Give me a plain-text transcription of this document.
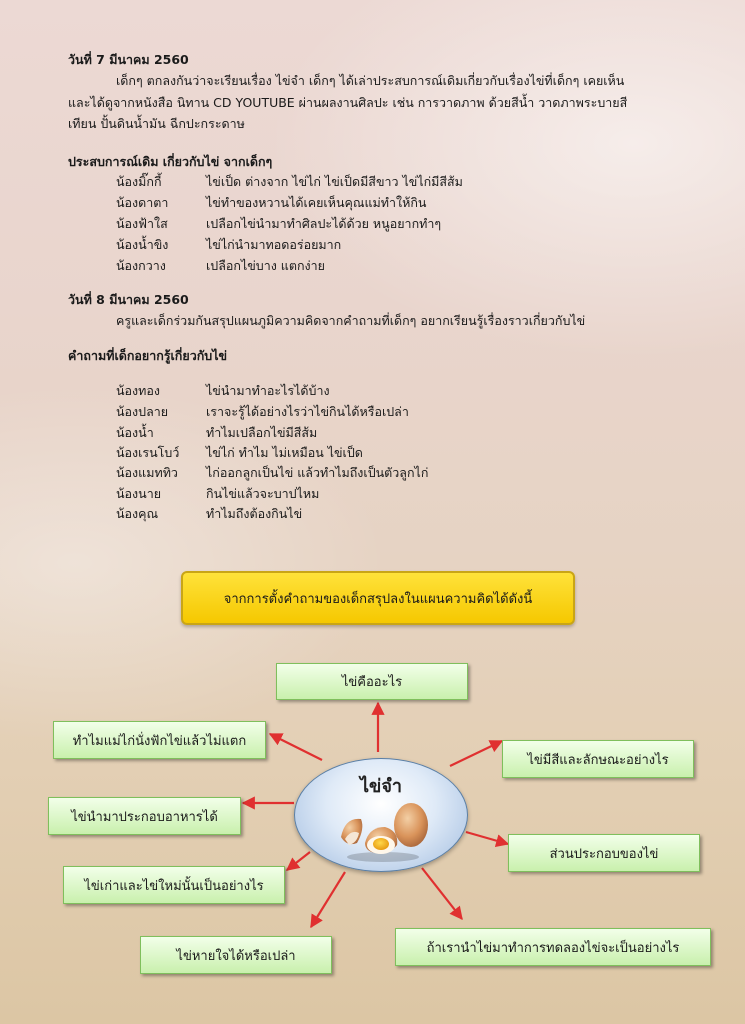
วันที่ 7 มีนาคม 2560
เด็กๆ ตกลงกันว่าจะเรียนเรื่อง ไข่จำ เด็กๆ ได้เล่าประสบการณ์เดิมเกี่ยวกับเรื่องไข่ที่เด็กๆ เคยเห็น
และได้ดูจากหนังสือ นิทาน CD YOUTUBE ผ่านผลงานศิลปะ เช่น การวาดภาพ ด้วยสีน้ำ วาดภาพระบายสี
เทียน ปั้นดินน้ำมัน ฉีกปะกระดาษ
ประสบการณ์เดิม เกี่ยวกับไข่ จากเด็กๆ
น้องมิ๊กกี้	ไข่เป็ด ต่างจาก ไข่ไก่ ไข่เป็ดมีสีขาว ไข่ไก่มีสีส้ม
น้องดาตา	ไข่ทำของหวานได้เคยเห็นคุณแม่ทำให้กิน
น้องฟ้าใส	เปลือกไข่นำมาทำศิลปะได้ด้วย หนูอยากทำๆ
น้องน้ำขิง	ไข่ไก่นำมาทอดอร่อยมาก
น้องกวาง	เปลือกไข่บาง แตกง่าย
วันที่ 8 มีนาคม 2560
ครูและเด็กร่วมกันสรุปแผนภูมิความคิดจากคำถามที่เด็กๆ อยากเรียนรู้เรื่องราวเกี่ยวกับไข่
คำถามที่เด็กอยากรู้เกี่ยวกับไข่
น้องทอง	ไข่นำมาทำอะไรได้บ้าง
น้องปลาย	เราจะรู้ได้อย่างไรว่าไข่กินได้หรือเปล่า
น้องน้ำ	ทำไมเปลือกไข่มีสีส้ม
น้องเรนโบว์ ไข่ไก่ ทำไม ไม่เหมือน ไข่เป็ด
น้องแมททิว ไก่ออกลูกเป็นไข่ แล้วทำไมถึงเป็นตัวลูกไก่
น้องนาย	กินไข่แล้วจะบาปไหม
น้องคุณ	ทำไมถึงต้องกินไข่
จากการตั้งคำถามของเด็กสรุปลงในแผนความคิดได้ดังนี้
ไข่จำ
ไข่คืออะไร
ไข่มีสีและลักษณะอย่างไร
ส่วนประกอบของไข่
ถ้าเรานำไข่มาทำการทดลองไข่จะเป็นอย่างไร
ไข่หายใจได้หรือเปล่า
ไข่เก่าและไข่ใหม่นั้นเป็นอย่างไร
ไข่นำมาประกอบอาหารได้
ทำไมแม่ไก่นั่งฟักไข่แล้วไม่แตก
